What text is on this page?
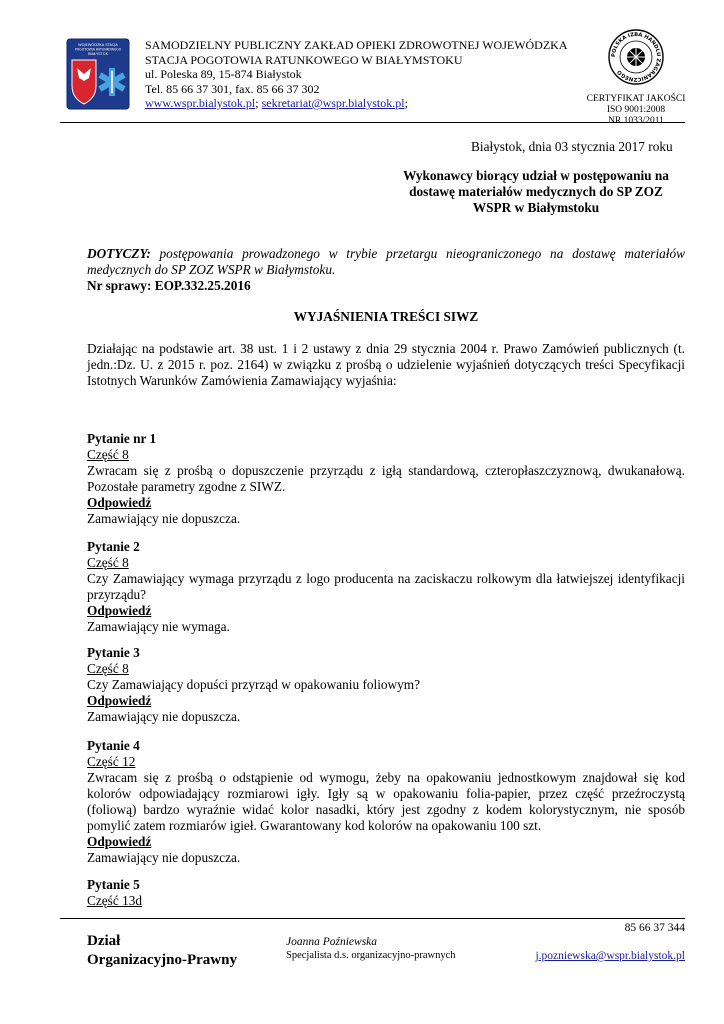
WOJEWÓDZKA STACJA
POGOTOWIA RATUNKOWEGO
BIAŁYSTOK
SAMODZIELNY PUBLICZNY ZAKŁAD OPIEKI ZDROWOTNEJ WOJEWÓDZKA
STACJA POGOTOWIA RATUNKOWEGO W BIAŁYMSTOKU
ul. Poleska 89, 15-874 Białystok
Tel. 85 66 37 301, fax. 85 66 37 302
www.wspr.bialystok.pl; sekretariat@wspr.bialystok.pl;
POLSKA IZBA HANDLU ZAGRANICZNEGO
CERTYFIKAT JAKOŚCI
ISO 9001:2008
NR 1033/2011
Białystok, dnia 03 stycznia 2017 roku
Wykonawcy biorący udział w postępowaniu na
dostawę materiałów medycznych do SP ZOZ
WSPR w Białymstoku
DOTYCZY: postępowania prowadzonego w trybie przetargu nieograniczonego na dostawę materiałów medycznych do SP ZOZ WSPR w Białymstoku.
Nr sprawy: EOP.332.25.2016
WYJAŚNIENIA TREŚCI SIWZ
Działając na podstawie art. 38 ust. 1 i 2 ustawy z dnia 29 stycznia 2004 r. Prawo Zamówień publicznych (t. jedn.:Dz. U. z 2015 r. poz. 2164) w związku z prośbą o udzielenie wyjaśnień dotyczących treści Specyfikacji Istotnych Warunków Zamówienia Zamawiający wyjaśnia:
Pytanie nr 1
Część 8
Zwracam się z prośbą o dopuszczenie przyrządu z igłą standardową, czteropłaszczyznową, dwukanałową. Pozostałe parametry zgodne z SIWZ.
Odpowiedź
Zamawiający nie dopuszcza.
Pytanie 2
Część 8
Czy Zamawiający wymaga przyrządu z logo producenta na zaciskaczu rolkowym dla łatwiejszej identyfikacji przyrządu?
Odpowiedź
Zamawiający nie wymaga.
Pytanie 3
Część 8
Czy Zamawiający dopuści przyrząd w opakowaniu foliowym?
Odpowiedź
Zamawiający nie dopuszcza.
Pytanie 4
Część 12
Zwracam się z prośbą o odstąpienie od wymogu, żeby na opakowaniu jednostkowym znajdował się kod kolorów odpowiadający rozmiarowi igły. Igły są w opakowaniu folia-papier, przez część przeźroczystą (foliową) bardzo wyraźnie widać kolor nasadki, który jest zgodny z kodem kolorystycznym, nie sposób pomylić zatem rozmiarów igieł. Gwarantowany kod kolorów na opakowaniu 100 szt.
Odpowiedź
Zamawiający nie dopuszcza.
Pytanie 5
Część 13d
Dział
Organizacyjno-Prawny
Joanna Poźniewska
Specjalista d.s. organizacyjno-prawnych
85 66 37 344
j.pozniewska@wspr.bialystok.pl
